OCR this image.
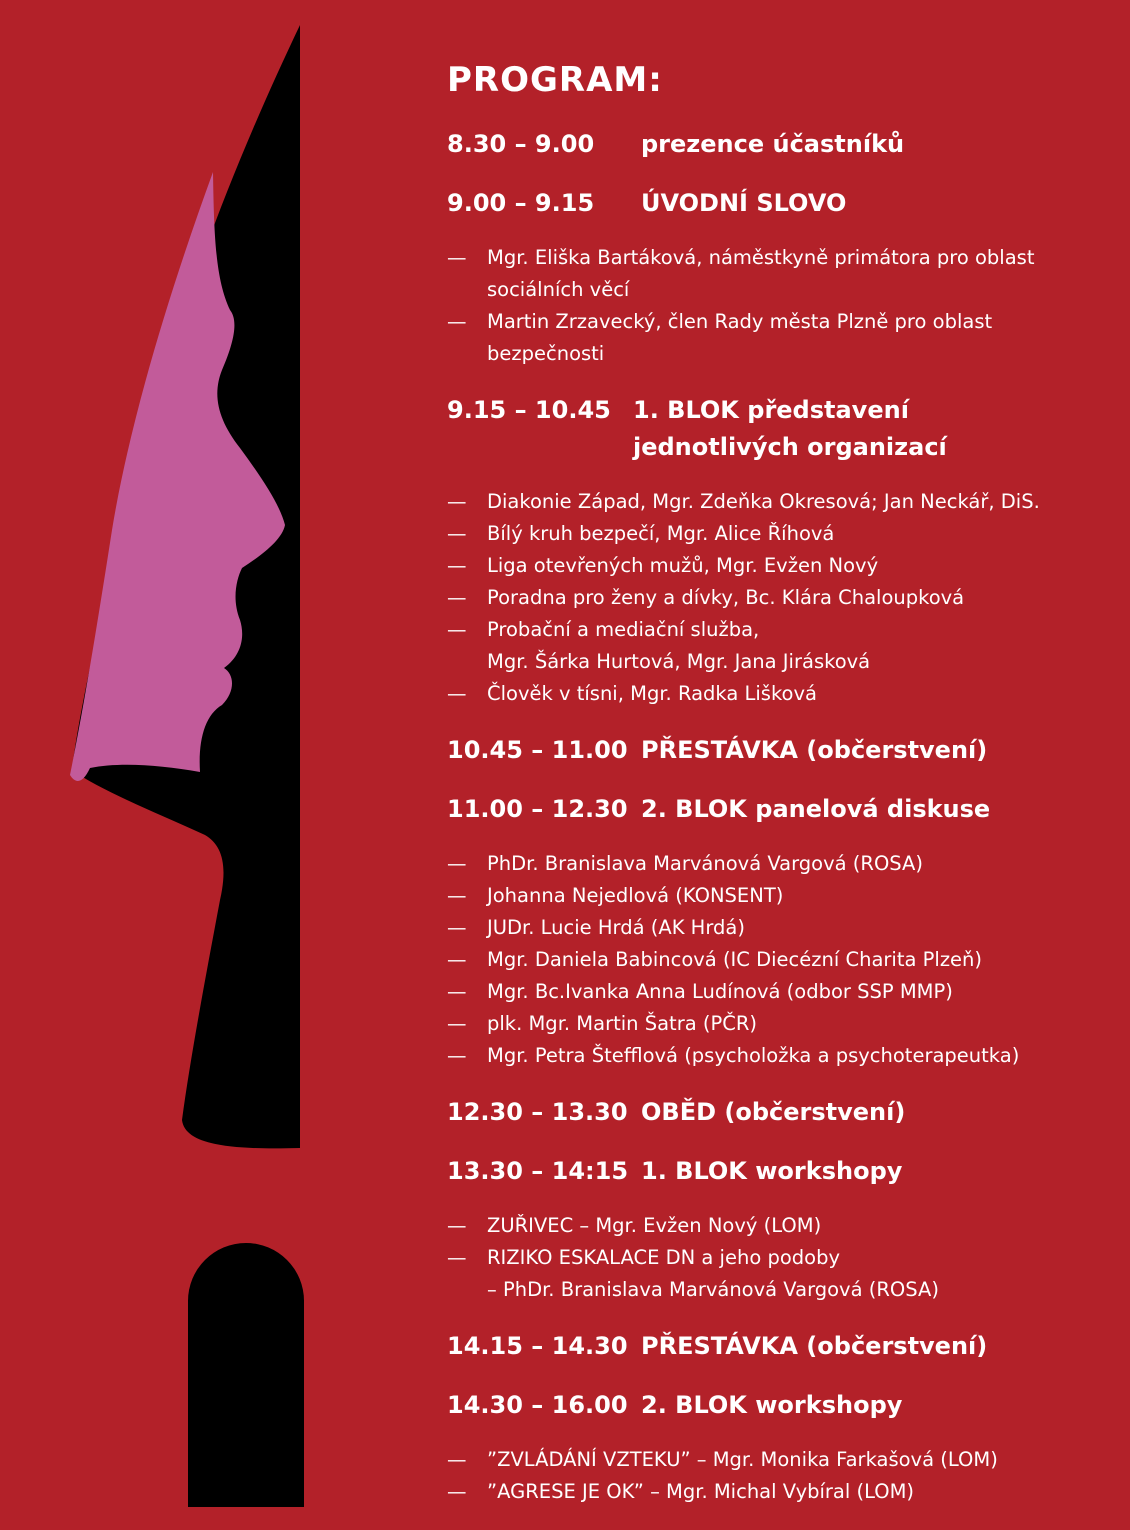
PROGRAM:
8.30 – 9.00	prezence účastníků
9.00 – 9.15	ÚVODNÍ SLOVO
—	Mgr. Eliška Bartáková, náměstkyně primátora pro oblast
sociálních věcí
—	Martin Zrzavecký, člen Rady města Plzně pro oblast
bezpečnosti
9.15 – 10.45 1. BLOK představení
jednotlivých organizací
—	Diakonie Západ, Mgr. Zdeňka Okresová; Jan Neckář, DiS.
—	Bílý kruh bezpečí, Mgr. Alice Říhová
—	Liga otevřených mužů, Mgr. Evžen Nový
—	Poradna pro ženy a dívky, Bc. Klára Chaloupková
—	Probační a mediační služba,
Mgr. Šárka Hurtová, Mgr. Jana Jirásková
—	Člověk v tísni, Mgr. Radka Lišková
10.45 – 11.00 PŘESTÁVKA (občerstvení)
11.00 – 12.30 2. BLOK panelová diskuse
—	PhDr. Branislava Marvánová Vargová (ROSA)
—	Johanna Nejedlová (KONSENT)
—	JUDr. Lucie Hrdá (AK Hrdá)
—	Mgr. Daniela Babincová (IC Diecézní Charita Plzeň)
—	Mgr. Bc.Ivanka Anna Ludínová (odbor SSP MMP)
—	plk. Mgr. Martin Šatra (PČR)
—	Mgr. Petra Štefflová (psycholožka a psychoterapeutka)
12.30 – 13.30 OBĚD (občerstvení)
13.30 – 14:15 1. BLOK workshopy
—	ZUŘIVEC – Mgr. Evžen Nový (LOM)
—	RIZIKO ESKALACE DN a jeho podoby
– PhDr. Branislava Marvánová Vargová (ROSA)
14.15 – 14.30 PŘESTÁVKA (občerstvení)
14.30 – 16.00 2. BLOK workshopy
—	”ZVLÁDÁNÍ VZTEKU” – Mgr. Monika Farkašová (LOM)
—	”AGRESE JE OK” – Mgr. Michal Vybíral (LOM)
